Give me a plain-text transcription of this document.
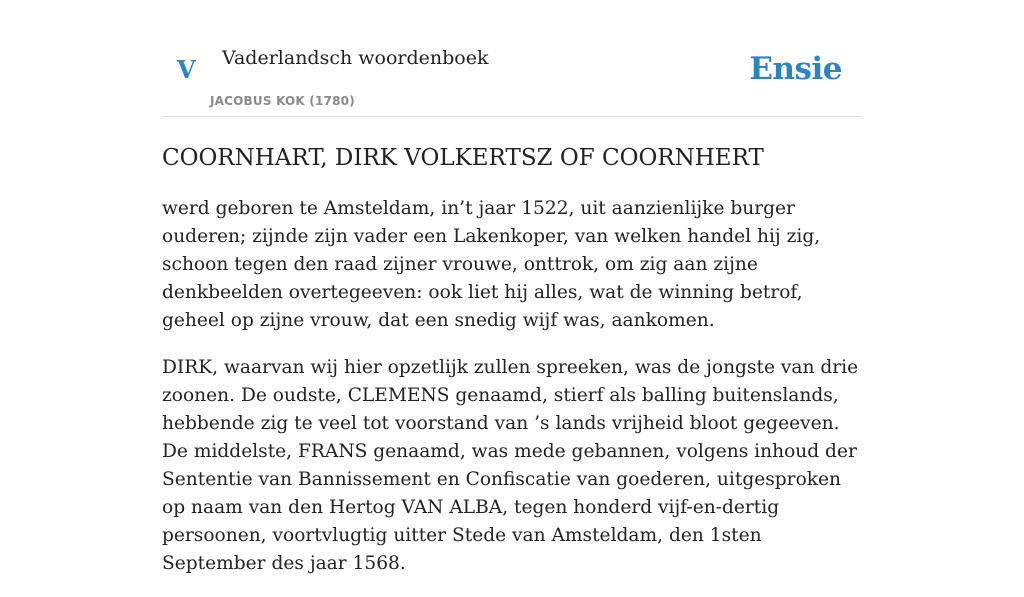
V Vaderlandsch woordenboek
JACOBUS KOK (1780)
Ensie
COORNHART, DIRK VOLKERTSZ OF COORNHERT

werd geboren te Amsteldam, in’t jaar 1522, uit aanzienlijke burger ouderen; zijnde zijn vader een Lakenkoper, van welken handel hij zig, schoon tegen den raad zijner vrouwe, onttrok, om zig aan zijne denkbeelden overtegeeven: ook liet hij alles, wat de winning betrof, geheel op zijne vrouw, dat een snedig wijf was, aankomen.

DIRK, waarvan wij hier opzetlijk zullen spreeken, was de jongste van drie zoonen. De oudste, CLEMENS genaamd, stierf als balling buitenslands, hebbende zig te veel tot voorstand van ’s lands vrijheid bloot gegeeven. De middelste, FRANS genaamd, was mede gebannen, volgens inhoud der Sententie van Bannissement en Confiscatie van goederen, uitgesproken op naam van den Hertog VAN ALBA, tegen honderd vijf-en-dertig persoonen, voortvlugtig uitter Stede van Amsteldam, den 1sten September des jaar 1568.
